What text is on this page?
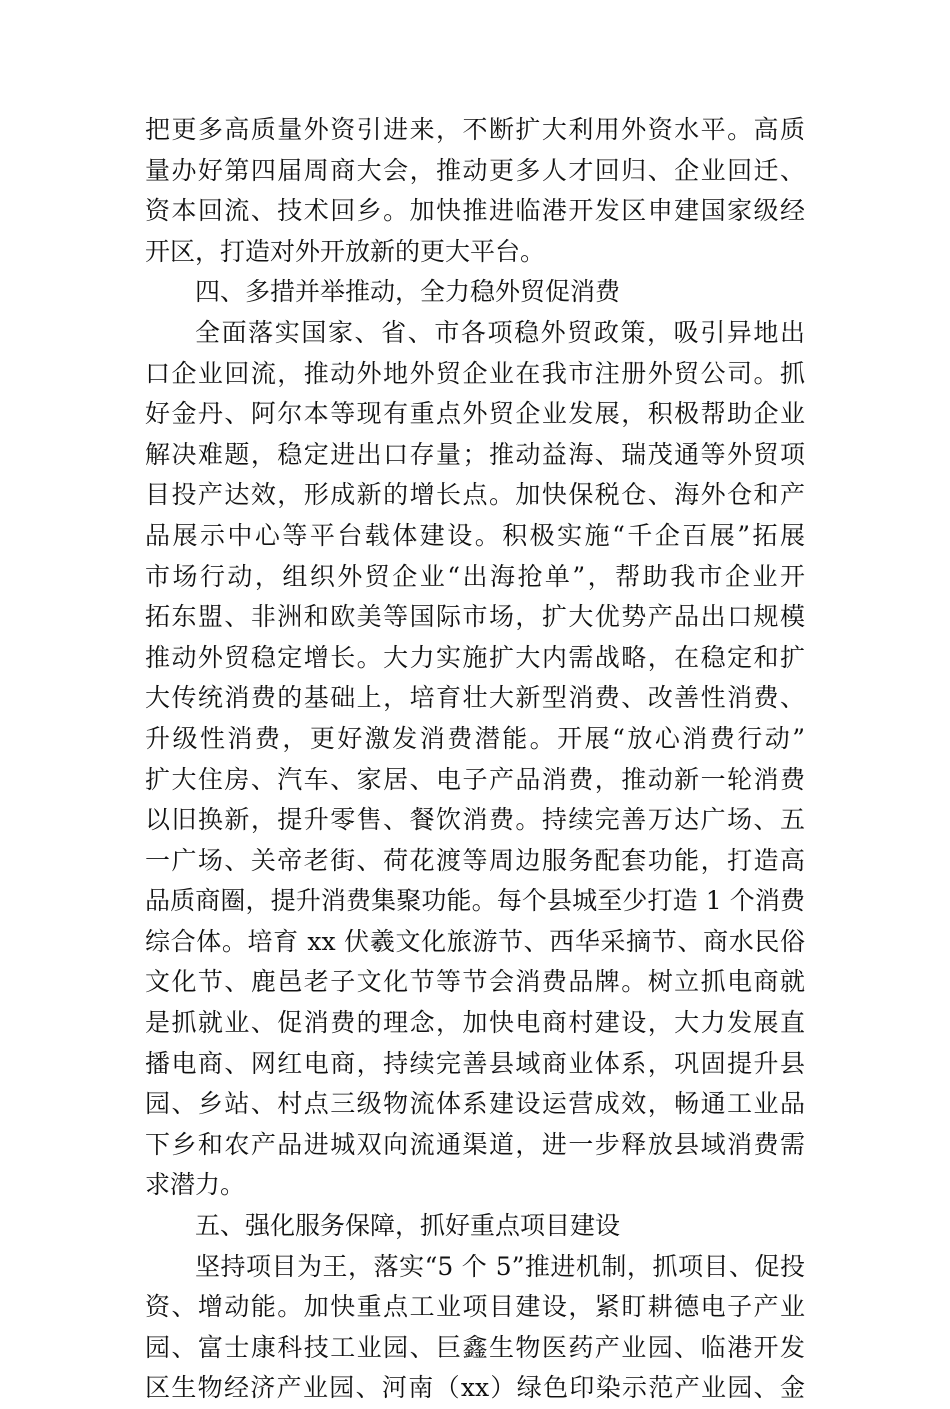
把更多高质量外资引进来，不断扩大利用外资水平。高质
量办好第四届周商大会，推动更多人才回归、企业回迁、
资本回流、技术回乡。加快推进临港开发区申建国家级经
开区，打造对外开放新的更大平台。
四、多措并举推动，全力稳外贸促消费
全面落实国家、省、市各项稳外贸政策，吸引异地出
口企业回流，推动外地外贸企业在我市注册外贸公司。抓
好金丹、阿尔本等现有重点外贸企业发展，积极帮助企业
解决难题，稳定进出口存量；推动益海、瑞茂通等外贸项
目投产达效，形成新的增长点。加快保税仓、海外仓和产
品展示中心等平台载体建设。积极实施“千企百展”拓展
市场行动，组织外贸企业“出海抢单”，帮助我市企业开
拓东盟、非洲和欧美等国际市场，扩大优势产品出口规模
推动外贸稳定增长。大力实施扩大内需战略，在稳定和扩
大传统消费的基础上，培育壮大新型消费、改善性消费、
升级性消费，更好激发消费潜能。开展“放心消费行动”
扩大住房、汽车、家居、电子产品消费，推动新一轮消费
以旧换新，提升零售、餐饮消费。持续完善万达广场、五
一广场、关帝老街、荷花渡等周边服务配套功能，打造高
品质商圈，提升消费集聚功能。每个县城至少打造 1 个消费
综合体。培育 xx 伏羲文化旅游节、西华采摘节、商水民俗
文化节、鹿邑老子文化节等节会消费品牌。树立抓电商就
是抓就业、促消费的理念，加快电商村建设，大力发展直
播电商、网红电商，持续完善县域商业体系，巩固提升县
园、乡站、村点三级物流体系建设运营成效，畅通工业品
下乡和农产品进城双向流通渠道，进一步释放县域消费需
求潜力。
五、强化服务保障，抓好重点项目建设
坚持项目为王，落实“5 个 5”推进机制，抓项目、促投
资、增动能。加快重点工业项目建设，紧盯耕德电子产业
园、富士康科技工业园、巨鑫生物医药产业园、临港开发
区生物经济产业园、河南（xx）绿色印染示范产业园、金
